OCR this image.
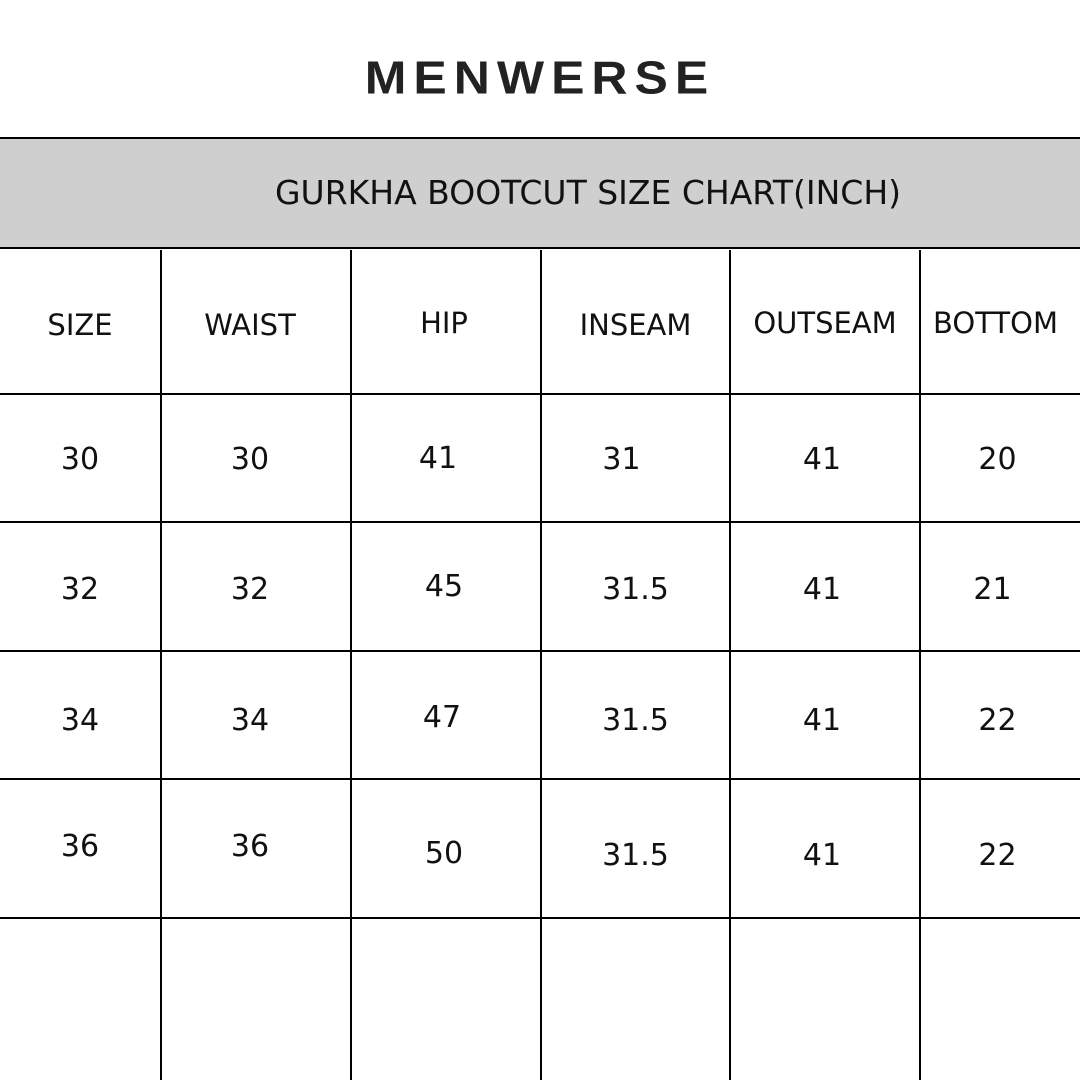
MENWERSE
GURKHA BOOTCUT SIZE CHART(INCH)
SIZE	WAIST	HIP	INSEAM	OUTSEAM	BOTTOM
30	30	41	31	41	20
32	32	45	31.5	41	21
34	34	47	31.5	41	22
36	36	50	31.5	41	22
